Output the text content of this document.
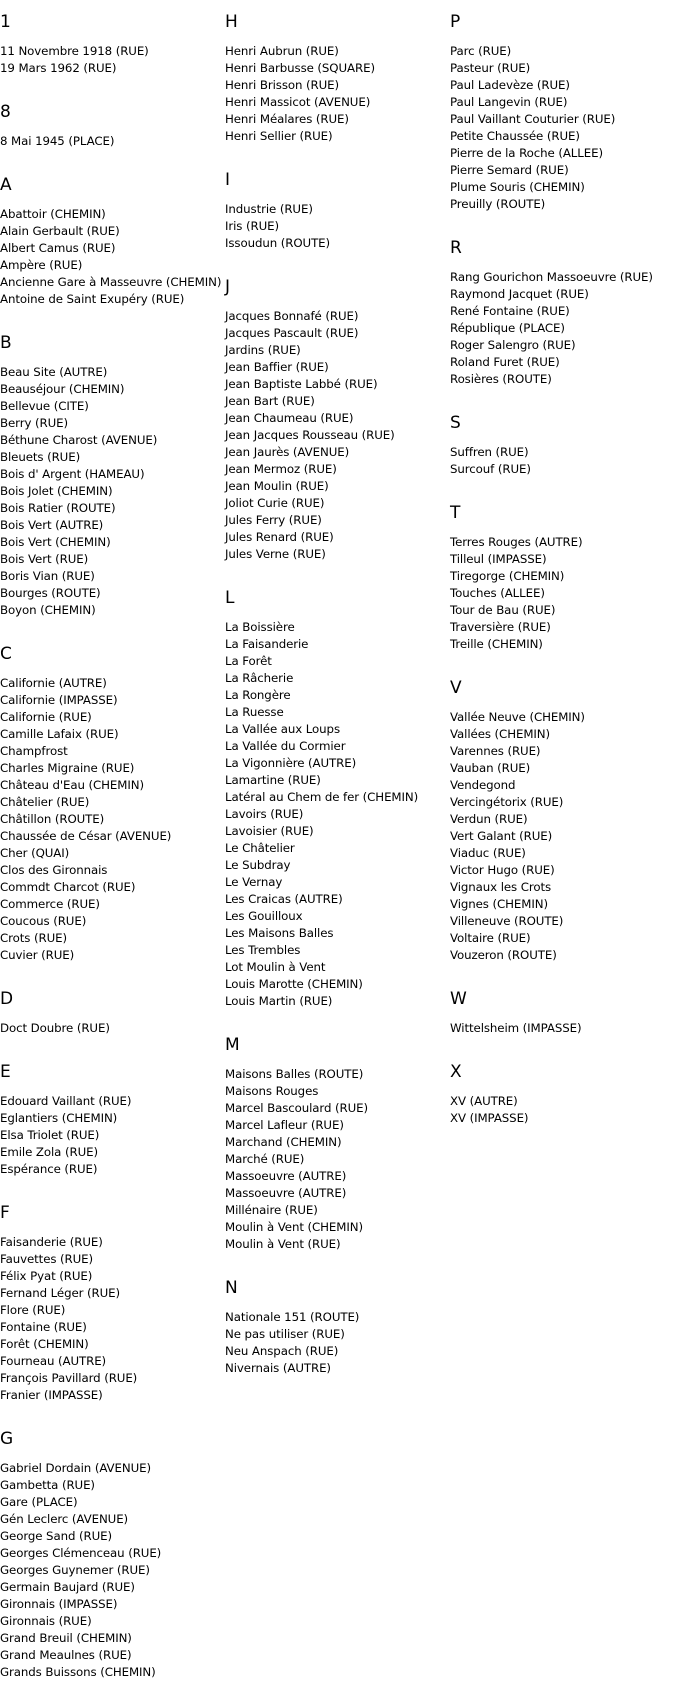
1
11 Novembre 1918 (RUE)
19 Mars 1962 (RUE)
8
8 Mai 1945 (PLACE)
A
Abattoir (CHEMIN)
Alain Gerbault (RUE)
Albert Camus (RUE)
Ampère (RUE)
Ancienne Gare à Masseuvre (CHEMIN)
Antoine de Saint Exupéry (RUE)
B
Beau Site (AUTRE)
Beauséjour (CHEMIN)
Bellevue (CITE)
Berry (RUE)
Béthune Charost (AVENUE)
Bleuets (RUE)
Bois d' Argent (HAMEAU)
Bois Jolet (CHEMIN)
Bois Ratier (ROUTE)
Bois Vert (AUTRE)
Bois Vert (CHEMIN)
Bois Vert (RUE)
Boris Vian (RUE)
Bourges (ROUTE)
Boyon (CHEMIN)
C
Californie (AUTRE)
Californie (IMPASSE)
Californie (RUE)
Camille Lafaix (RUE)
Champfrost
Charles Migraine (RUE)
Château d'Eau (CHEMIN)
Châtelier (RUE)
Châtillon (ROUTE)
Chaussée de César (AVENUE)
Cher (QUAI)
Clos des Gironnais
Commdt Charcot (RUE)
Commerce (RUE)
Coucous (RUE)
Crots (RUE)
Cuvier (RUE)
D
Doct Doubre (RUE)
E
Edouard Vaillant (RUE)
Eglantiers (CHEMIN)
Elsa Triolet (RUE)
Emile Zola (RUE)
Espérance (RUE)
F
Faisanderie (RUE)
Fauvettes (RUE)
Félix Pyat (RUE)
Fernand Léger (RUE)
Flore (RUE)
Fontaine (RUE)
Forêt (CHEMIN)
Fourneau (AUTRE)
François Pavillard (RUE)
Franier (IMPASSE)
G
Gabriel Dordain (AVENUE)
Gambetta (RUE)
Gare (PLACE)
Gén Leclerc (AVENUE)
George Sand (RUE)
Georges Clémenceau (RUE)
Georges Guynemer (RUE)
Germain Baujard (RUE)
Gironnais (IMPASSE)
Gironnais (RUE)
Grand Breuil (CHEMIN)
Grand Meaulnes (RUE)
Grands Buissons (CHEMIN)
H
Henri Aubrun (RUE)
Henri Barbusse (SQUARE)
Henri Brisson (RUE)
Henri Massicot (AVENUE)
Henri Méalares (RUE)
Henri Sellier (RUE)
I
Industrie (RUE)
Iris (RUE)
Issoudun (ROUTE)
J
Jacques Bonnafé (RUE)
Jacques Pascault (RUE)
Jardins (RUE)
Jean Baffier (RUE)
Jean Baptiste Labbé (RUE)
Jean Bart (RUE)
Jean Chaumeau (RUE)
Jean Jacques Rousseau (RUE)
Jean Jaurès (AVENUE)
Jean Mermoz (RUE)
Jean Moulin (RUE)
Joliot Curie (RUE)
Jules Ferry (RUE)
Jules Renard (RUE)
Jules Verne (RUE)
L
La Boissière
La Faisanderie
La Forêt
La Râcherie
La Rongère
La Ruesse
La Vallée aux Loups
La Vallée du Cormier
La Vigonnière (AUTRE)
Lamartine (RUE)
Latéral au Chem de fer (CHEMIN)
Lavoirs (RUE)
Lavoisier (RUE)
Le Châtelier
Le Subdray
Le Vernay
Les Craicas (AUTRE)
Les Gouilloux
Les Maisons Balles
Les Trembles
Lot Moulin à Vent
Louis Marotte (CHEMIN)
Louis Martin (RUE)
M
Maisons Balles (ROUTE)
Maisons Rouges
Marcel Bascoulard (RUE)
Marcel Lafleur (RUE)
Marchand (CHEMIN)
Marché (RUE)
Massoeuvre (AUTRE)
Massoeuvre (AUTRE)
Millénaire (RUE)
Moulin à Vent (CHEMIN)
Moulin à Vent (RUE)
N
Nationale 151 (ROUTE)
Ne pas utiliser (RUE)
Neu Anspach (RUE)
Nivernais (AUTRE)
P
Parc (RUE)
Pasteur (RUE)
Paul Ladevèze (RUE)
Paul Langevin (RUE)
Paul Vaillant Couturier (RUE)
Petite Chaussée (RUE)
Pierre de la Roche (ALLEE)
Pierre Semard (RUE)
Plume Souris (CHEMIN)
Preuilly (ROUTE)
R
Rang Gourichon Massoeuvre (RUE)
Raymond Jacquet (RUE)
René Fontaine (RUE)
République (PLACE)
Roger Salengro (RUE)
Roland Furet (RUE)
Rosières (ROUTE)
S
Suffren (RUE)
Surcouf (RUE)
T
Terres Rouges (AUTRE)
Tilleul (IMPASSE)
Tiregorge (CHEMIN)
Touches (ALLEE)
Tour de Bau (RUE)
Traversière (RUE)
Treille (CHEMIN)
V
Vallée Neuve (CHEMIN)
Vallées (CHEMIN)
Varennes (RUE)
Vauban (RUE)
Vendegond
Vercingétorix (RUE)
Verdun (RUE)
Vert Galant (RUE)
Viaduc (RUE)
Victor Hugo (RUE)
Vignaux les Crots
Vignes (CHEMIN)
Villeneuve (ROUTE)
Voltaire (RUE)
Vouzeron (ROUTE)
W
Wittelsheim (IMPASSE)
X
XV (AUTRE)
XV (IMPASSE)
